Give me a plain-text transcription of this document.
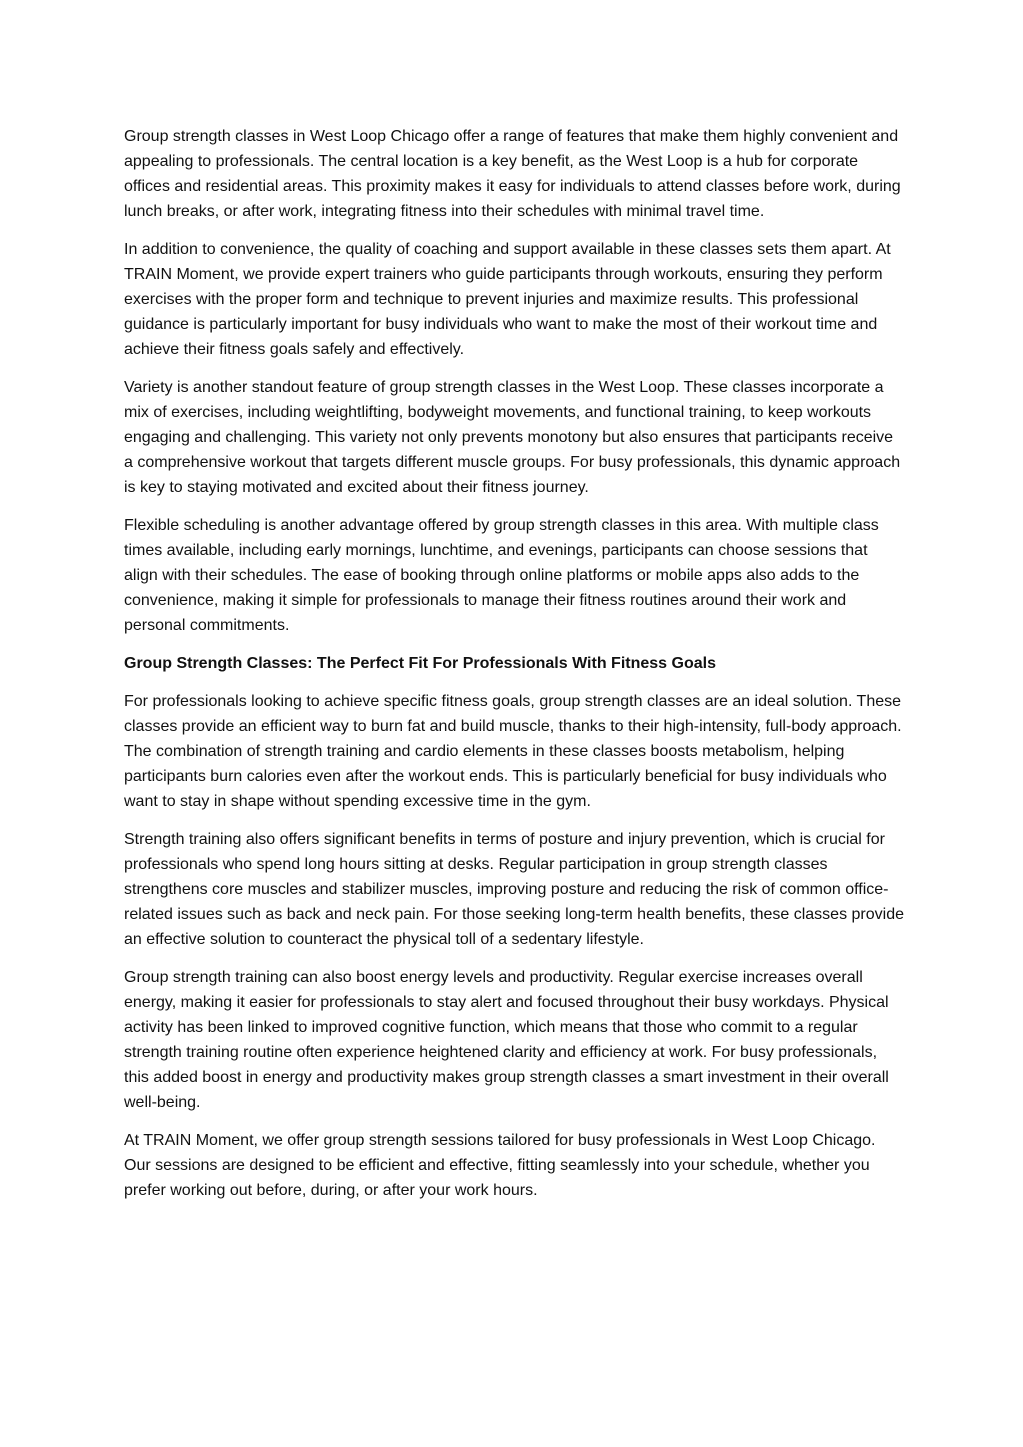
Group strength classes in West Loop Chicago offer a range of features that make them highly convenient and appealing to professionals. The central location is a key benefit, as the West Loop is a hub for corporate offices and residential areas. This proximity makes it easy for individuals to attend classes before work, during lunch breaks, or after work, integrating fitness into their schedules with minimal travel time.

In addition to convenience, the quality of coaching and support available in these classes sets them apart. At TRAIN Moment, we provide expert trainers who guide participants through workouts, ensuring they perform exercises with the proper form and technique to prevent injuries and maximize results. This professional guidance is particularly important for busy individuals who want to make the most of their workout time and achieve their fitness goals safely and effectively.

Variety is another standout feature of group strength classes in the West Loop. These classes incorporate a mix of exercises, including weightlifting, bodyweight movements, and functional training, to keep workouts engaging and challenging. This variety not only prevents monotony but also ensures that participants receive a comprehensive workout that targets different muscle groups. For busy professionals, this dynamic approach is key to staying motivated and excited about their fitness journey.

Flexible scheduling is another advantage offered by group strength classes in this area. With multiple class times available, including early mornings, lunchtime, and evenings, participants can choose sessions that align with their schedules. The ease of booking through online platforms or mobile apps also adds to the convenience, making it simple for professionals to manage their fitness routines around their work and personal commitments.

Group Strength Classes: The Perfect Fit For Professionals With Fitness Goals

For professionals looking to achieve specific fitness goals, group strength classes are an ideal solution. These classes provide an efficient way to burn fat and build muscle, thanks to their high-intensity, full-body approach. The combination of strength training and cardio elements in these classes boosts metabolism, helping participants burn calories even after the workout ends. This is particularly beneficial for busy individuals who want to stay in shape without spending excessive time in the gym.

Strength training also offers significant benefits in terms of posture and injury prevention, which is crucial for professionals who spend long hours sitting at desks. Regular participation in group strength classes strengthens core muscles and stabilizer muscles, improving posture and reducing the risk of common office-related issues such as back and neck pain. For those seeking long-term health benefits, these classes provide an effective solution to counteract the physical toll of a sedentary lifestyle.

Group strength training can also boost energy levels and productivity. Regular exercise increases overall energy, making it easier for professionals to stay alert and focused throughout their busy workdays. Physical activity has been linked to improved cognitive function, which means that those who commit to a regular strength training routine often experience heightened clarity and efficiency at work. For busy professionals, this added boost in energy and productivity makes group strength classes a smart investment in their overall well-being.

At TRAIN Moment, we offer group strength sessions tailored for busy professionals in West Loop Chicago. Our sessions are designed to be efficient and effective, fitting seamlessly into your schedule, whether you prefer working out before, during, or after your work hours.
